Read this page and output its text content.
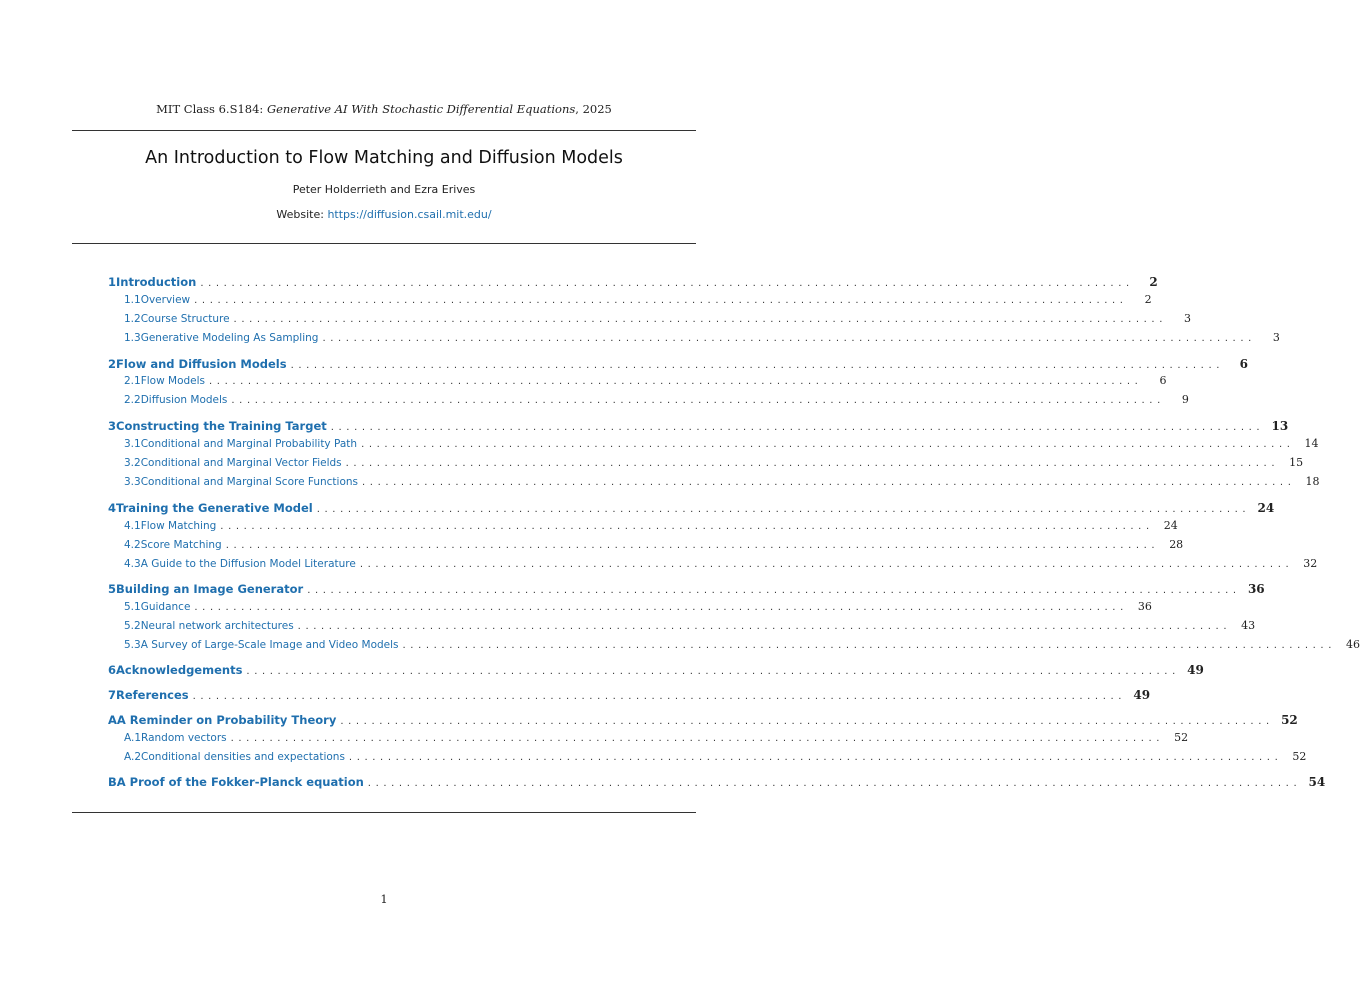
MIT Class 6.S184: Generative AI With Stochastic Differential Equations, 2025
An Introduction to Flow Matching and Diffusion Models
Peter Holderrieth and Ezra Erives
Website: https://diffusion.csail.mit.edu/
1 Introduction ........................................................................................................................	2
1.1 Overview ........................................................................................................................	2
1.2 Course Structure ........................................................................................................................	3
1.3 Generative Modeling As Sampling ........................................................................................................................	3
2 Flow and Diffusion Models ........................................................................................................................	6
2.1 Flow Models ........................................................................................................................	6
2.2 Diffusion Models ........................................................................................................................	9
3 Constructing the Training Target ........................................................................................................................ 13
3.1 Conditional and Marginal Probability Path ........................................................................................................................ 14
3.2 Conditional and Marginal Vector Fields ........................................................................................................................ 15
3.3 Conditional and Marginal Score Functions ........................................................................................................................ 18
4 Training the Generative Model ........................................................................................................................ 24
4.1 Flow Matching ........................................................................................................................ 24
4.2 Score Matching ........................................................................................................................ 28
4.3 A Guide to the Diffusion Model Literature ........................................................................................................................ 32
5 Building an Image Generator ........................................................................................................................ 36
5.1 Guidance ........................................................................................................................ 36
5.2 Neural network architectures ........................................................................................................................ 43
5.3 A Survey of Large-Scale Image and Video Models ........................................................................................................................ 46
6 Acknowledgements ........................................................................................................................ 49
7 References ........................................................................................................................ 49
A A Reminder on Probability Theory ........................................................................................................................ 52
A.1 Random vectors ........................................................................................................................ 52
A.2 Conditional densities and expectations ........................................................................................................................ 52
B A Proof of the Fokker-Planck equation ........................................................................................................................ 54
1
